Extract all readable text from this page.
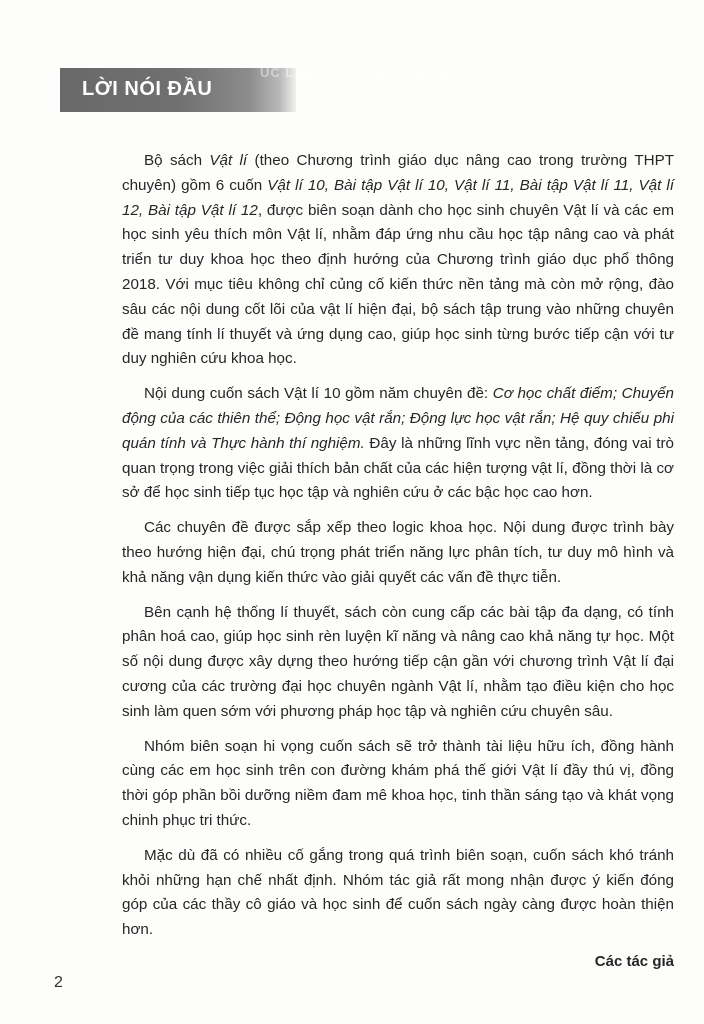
UC LAM THOT CHUYEN VAN
LỜI NÓI ĐẦU

Bộ sách Vật lí (theo Chương trình giáo dục nâng cao trong trường THPT chuyên) gồm 6 cuốn Vật lí 10, Bài tập Vật lí 10, Vật lí 11, Bài tập Vật lí 11, Vật lí 12, Bài tập Vật lí 12, được biên soạn dành cho học sinh chuyên Vật lí và các em học sinh yêu thích môn Vật lí, nhằm đáp ứng nhu cầu học tập nâng cao và phát triển tư duy khoa học theo định hướng của Chương trình giáo dục phổ thông 2018. Với mục tiêu không chỉ củng cố kiến thức nền tảng mà còn mở rộng, đào sâu các nội dung cốt lõi của vật lí hiện đại, bộ sách tập trung vào những chuyên đề mang tính lí thuyết và ứng dụng cao, giúp học sinh từng bước tiếp cận với tư duy nghiên cứu khoa học.

Nội dung cuốn sách Vật lí 10 gồm năm chuyên đề: Cơ học chất điểm; Chuyển động của các thiên thể; Động học vật rắn; Động lực học vật rắn; Hệ quy chiếu phi quán tính và Thực hành thí nghiệm. Đây là những lĩnh vực nền tảng, đóng vai trò quan trọng trong việc giải thích bản chất của các hiện tượng vật lí, đồng thời là cơ sở để học sinh tiếp tục học tập và nghiên cứu ở các bậc học cao hơn.

Các chuyên đề được sắp xếp theo logic khoa học. Nội dung được trình bày theo hướng hiện đại, chú trọng phát triển năng lực phân tích, tư duy mô hình và khả năng vận dụng kiến thức vào giải quyết các vấn đề thực tiễn.

Bên cạnh hệ thống lí thuyết, sách còn cung cấp các bài tập đa dạng, có tính phân hoá cao, giúp học sinh rèn luyện kĩ năng và nâng cao khả năng tự học. Một số nội dung được xây dựng theo hướng tiếp cận gần với chương trình Vật lí đại cương của các trường đại học chuyên ngành Vật lí, nhằm tạo điều kiện cho học sinh làm quen sớm với phương pháp học tập và nghiên cứu chuyên sâu.

Nhóm biên soạn hi vọng cuốn sách sẽ trở thành tài liệu hữu ích, đồng hành cùng các em học sinh trên con đường khám phá thế giới Vật lí đầy thú vị, đồng thời góp phần bồi dưỡng niềm đam mê khoa học, tinh thần sáng tạo và khát vọng chinh phục tri thức.

Mặc dù đã có nhiều cố gắng trong quá trình biên soạn, cuốn sách khó tránh khỏi những hạn chế nhất định. Nhóm tác giả rất mong nhận được ý kiến đóng góp của các thầy cô giáo và học sinh để cuốn sách ngày càng được hoàn thiện hơn.

Các tác giả
2
